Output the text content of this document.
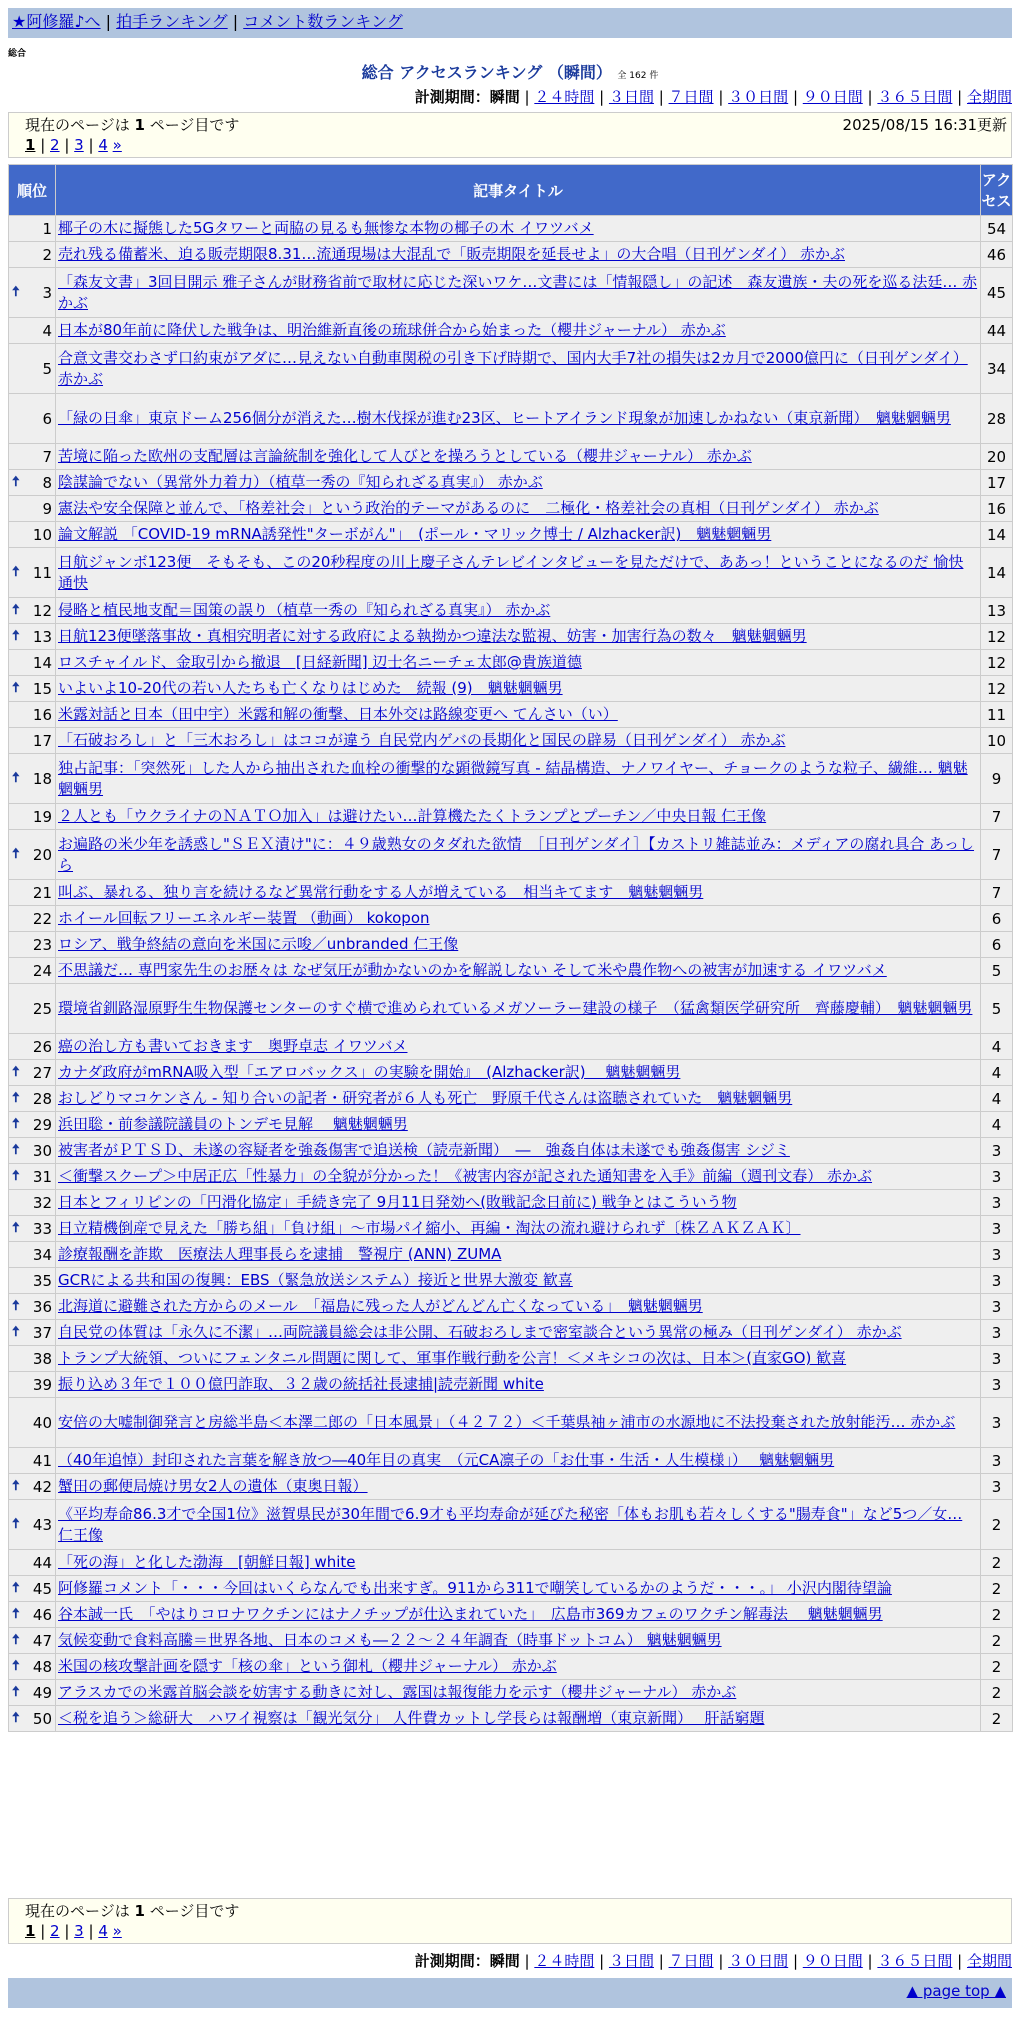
★阿修羅♪へ | 拍手ランキング | コメント数ランキング
総合
総合 アクセスランキング （瞬間） 全 162 件
計測期間：瞬間 | ２４時間 | ３日間 | ７日間 | ３０日間 | ９０日間 | ３６５日間 | 全期間
現在のページは 1 ページ目です	2025/08/15 16:31更新
1 | 2 | 3 | 4 »
順位	記事タイトル	アクセス
1	椰子の木に擬態した5Gタワーと両脇の見るも無惨な本物の椰子の木 イワツバメ	54
2	売れ残る備蓄米、迫る販売期限8.31…流通現場は大混乱で「販売期限を延長せよ」の大合唱（日刊ゲンダイ） 赤かぶ	46

🠅 3	「森友文書」3回目開示 雅子さんが財務省前で取材に応じた深いワケ…文書には「情報隠し」の記述　森友遺族・夫の死を巡る法廷… 赤かぶ	45
4	日本が80年前に降伏した戦争は、明治維新直後の琉球併合から始まった（櫻井ジャーナル） 赤かぶ	44
5	合意文書交わさず口約束がアダに…見えない自動車関税の引き下げ時期で、国内大手7社の損失は2カ月で2000億円に（日刊ゲンダイ） 赤かぶ	34
6	「緑の日傘」東京ドーム256個分が消えた…樹木伐採が進む23区、ヒートアイランド現象が加速しかねない（東京新聞）　魑魅魍魎男	28
7	苦境に陥った欧州の支配層は言論統制を強化して人びとを操ろうとしている（櫻井ジャーナル） 赤かぶ	20

🠅 8	陰謀論でない（異常外力着力）（植草一秀の『知られざる真実』） 赤かぶ	17
9	憲法や安全保障と並んで、「格差社会」という政治的テーマがあるのに　二極化・格差社会の真相（日刊ゲンダイ） 赤かぶ	16
10	論文解説 「COVID-19 mRNA誘発性"ターボがん"」　(ポール・マリック博士 / Alzhacker訳)　魑魅魍魎男	14

🠅 11	日航ジャンボ123便　そもそも、この20秒程度の川上慶子さんテレビインタビューを見ただけで、ああっ！ということになるのだ 愉快通快	14

🠅 12	侵略と植民地支配＝国策の誤り（植草一秀の『知られざる真実』） 赤かぶ	13

🠅 13	日航123便墜落事故・真相究明者に対する政府による執拗かつ違法な監視、妨害・加害行為の数々　魑魅魍魎男	12
14	ロスチャイルド、金取引から撤退　[日経新聞] 辺士名ニーチェ太郎@貴族道德	12

🠅 15	いよいよ10-20代の若い人たちも亡くなりはじめた　続報 (9)　魑魅魍魎男	12
16	米露対話と日本（田中宇）米露和解の衝撃、日本外交は路線変更へ てんさい（い）	11
17	「石破おろし」と「三木おろし」はココが違う 自民党内ゲバの長期化と国民の辟易（日刊ゲンダイ） 赤かぶ	10

🠅 18	独占記事：「突然死」した人から抽出された血栓の衝撃的な顕微鏡写真 - 結晶構造、ナノワイヤー、チョークのような粒子、繊維… 魑魅魍魎男	9
19	２人とも「ウクライナのＮＡＴＯ加入」は避けたい…計算機たたくトランプとプーチン／中央日報 仁王像	7

🠅 20	お遍路の米少年を誘惑し"ＳＥＸ漬け"に：４９歳熟女のタダれた欲情　［日刊ゲンダイ］【カストリ雑誌並み：メディアの腐れ具合 あっしら	7
21	叫ぶ、暴れる、独り言を続けるなど異常行動をする人が増えている　相当キてます　魑魅魍魎男	7
22	ホイール回転フリーエネルギー装置 （動画） kokopon	6
23	ロシア、戦争終結の意向を米国に示唆／unbranded 仁王像	6
24	不思議だ… 専門家先生のお歴々は なぜ気圧が動かないのかを解説しない そして米や農作物への被害が加速する イワツバメ	5
25	環境省釧路湿原野生生物保護センターのすぐ横で進められているメガソーラー建設の様子　（猛禽類医学研究所　齊藤慶輔）　魑魅魍魎男	5
26	癌の治し方も書いておきます　奥野卓志 イワツバメ	4

🠅 27	カナダ政府がmRNA吸入型「エアロバックス」の実験を開始』　(Alzhacker訳)　 魑魅魍魎男	4

🠅 28	おしどりマコケンさん - 知り合いの記者・研究者が６人も死亡　野原千代さんは盗聴されていた　魑魅魍魎男	4

🠅 29	浜田聡・前参議院議員のトンデモ見解　 魑魅魍魎男	4

🠅 30	被害者がＰＴＳＤ、未遂の容疑者を強姦傷害で追送検（読売新聞）　―　強姦自体は未遂でも強姦傷害 シジミ	3

🠅 31	＜衝撃スクープ＞中居正広「性暴力」の全貌が分かった！《被害内容が記された通知書を入手》前編（週刊文春） 赤かぶ	3
32	日本とフィリピンの「円滑化協定」手続き完了 9月11日発効へ(敗戦記念日前に) 戦争とはこういう物	3

🠅 33	日立精機倒産で見えた「勝ち組」「負け組」～市場パイ縮小、再編・淘汰の流れ避けられず〔株ＺＡＫＺＡＫ〕	3
34	診療報酬を詐欺　医療法人理事長らを逮捕　警視庁 (ANN) ZUMA	3
35	GCRによる共和国の復興：EBS（緊急放送システム）接近と世界大激変 歓喜	3

🠅 36	北海道に避難された方からのメール　「福島に残った人がどんどん亡くなっている」　魑魅魍魎男	3

🠅 37	自民党の体質は「永久に不潔」…両院議員総会は非公開、石破おろしまで密室談合という異常の極み（日刊ゲンダイ） 赤かぶ	3
38	トランプ大統領、ついにフェンタニル問題に関して、軍事作戦行動を公言！＜メキシコの次は、日本＞(直家GO) 歓喜	3
39	振り込め３年で１００億円詐取、３２歳の統括社長逮捕|読売新聞 white	3
40	安倍の大嘘制御発言と房総半島＜本澤二郎の「日本風景」（４２７２）＜千葉県袖ヶ浦市の水源地に不法投棄された放射能汚… 赤かぶ	3
41	（40年追悼）封印された言葉を解き放つ―40年目の真実　（元CA凛子の「お仕事・生活・人生模様」）　 魑魅魍魎男	3

🠅 42	蟹田の郵便局焼け男女2人の遺体（東奥日報）	3

🠅 43	《平均寿命86.3才で全国1位》滋賀県民が30年間で6.9才も平均寿命が延びた秘密「体もお肌も若々しくする"腸寿食"」など5つ／女… 仁王像	2
44	「死の海」と化した渤海　[朝鮮日報] white	2

🠅 45	阿修羅コメント「・・・今回はいくらなんでも出来すぎ。911から311で嘲笑しているかのようだ・・・。」 小沢内閣待望論	2

🠅 46	谷本誠一氏　「やはりコロナワクチンにはナノチップが仕込まれていた」　広島市369カフェのワクチン解毒法　 魑魅魍魎男	2

🠅 47	気候変動で食料高騰＝世界各地、日本のコメも―２２～２４年調査（時事ドットコム） 魑魅魍魎男	2

🠅 48	米国の核攻撃計画を隠す「核の傘」という御札（櫻井ジャーナル） 赤かぶ	2

🠅 49	アラスカでの米露首脳会談を妨害する動きに対し、露国は報復能力を示す（櫻井ジャーナル） 赤かぶ	2

🠅 50	＜税を追う＞総研大　ハワイ視察は「観光気分」 人件費カットし学長らは報酬増（東京新聞）　 肝話窮題	2
現在のページは 1 ページ目です
1 | 2 | 3 | 4 »
計測期間：瞬間 | ２４時間 | ３日間 | ７日間 | ３０日間 | ９０日間 | ３６５日間 | 全期間
▲ page top ▲
